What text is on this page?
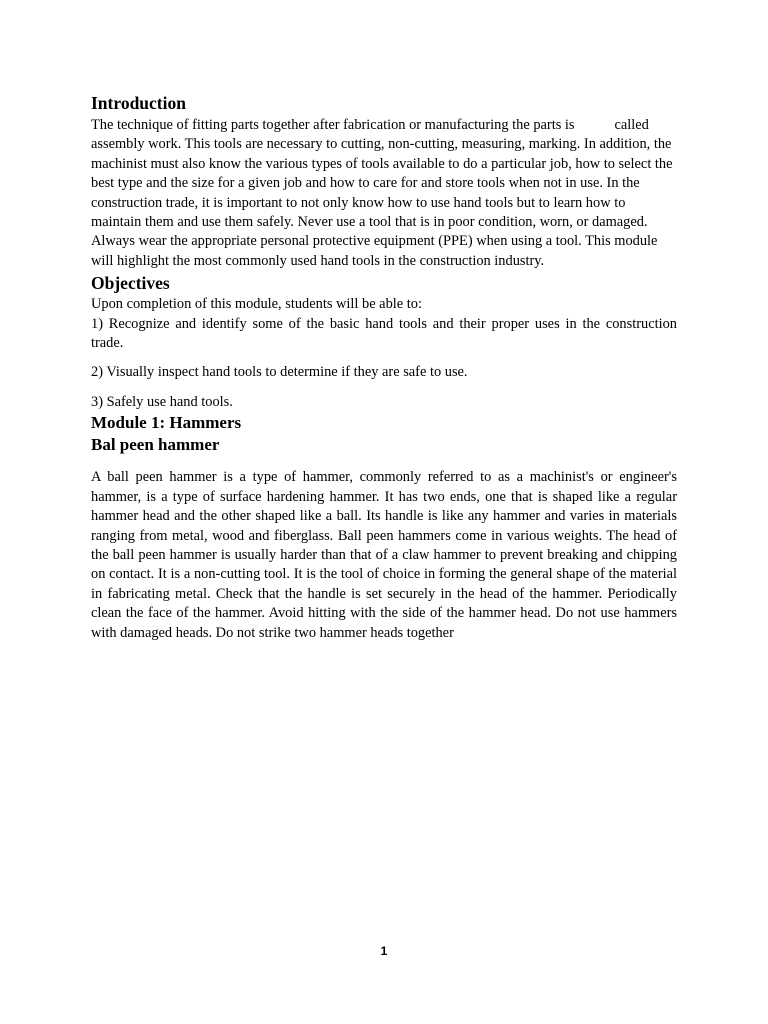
Introduction

The technique of fitting parts together after fabrication or manufacturing the parts is	called assembly work. This tools are necessary to cutting, non-cutting, measuring, marking. In addition, the machinist must also know the various types of tools available to do a particular job, how to select the best type and the size for a given job and how to care for and store tools when not in use. In the construction trade, it is important to not only know how to use hand tools but to learn how to maintain them and use them safely. Never use a tool that is in poor condition, worn, or damaged. Always wear the appropriate personal protective equipment (PPE) when using a tool. This module will highlight the most commonly used hand tools in the construction industry.

Objectives

Upon completion of this module, students will be able to:

1) Recognize and identify some of the basic hand tools and their proper uses in the construction trade.

2) Visually inspect hand tools to determine if they are safe to use.

3) Safely use hand tools.

Module 1: Hammers
Bal peen hammer

A ball peen hammer is a type of hammer, commonly referred to as a machinist's or engineer's hammer, is a type of surface hardening hammer. It has two ends, one that is shaped like a regular hammer head and the other shaped like a ball. Its handle is like any hammer and varies in materials ranging from metal, wood and fiberglass. Ball peen hammers come in various weights. The head of the ball peen hammer is usually harder than that of a claw hammer to prevent breaking and chipping on contact. It is a non-cutting tool. It is the tool of choice in forming the general shape of the material in fabricating metal. Check that the handle is set securely in the head of the hammer. Periodically clean the face of the hammer. Avoid hitting with the side of the hammer head. Do not use hammers with damaged heads. Do not strike two hammer heads together

1
